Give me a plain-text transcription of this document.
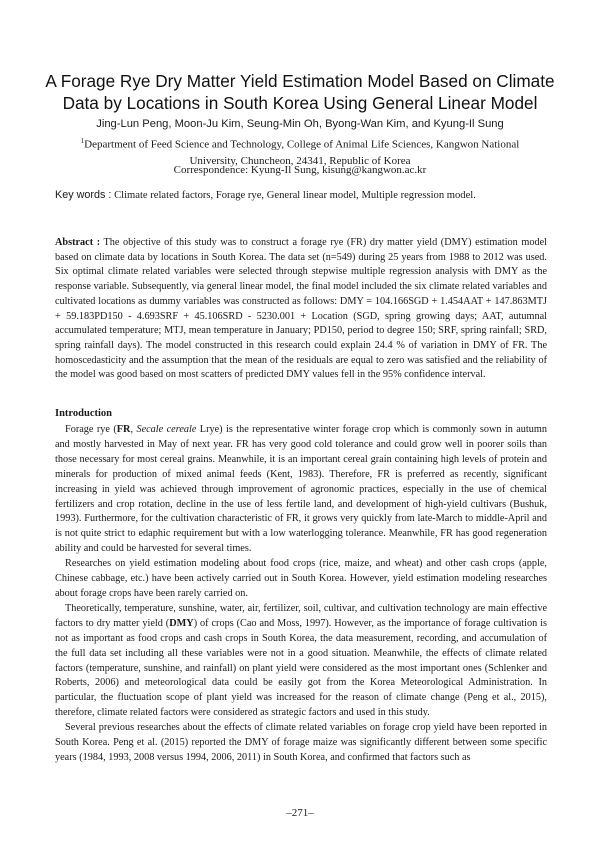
A Forage Rye Dry Matter Yield Estimation Model Based on Climate
Data by Locations in South Korea Using General Linear Model
Jing-Lun Peng, Moon-Ju Kim, Seung-Min Oh, Byong-Wan Kim, and Kyung-Il Sung
$^1$Department of Feed Science and Technology, College of Animal Life Sciences, Kangwon National
University, Chuncheon, 24341, Republic of Korea
Correspondence: Kyung-Il Sung, kisung@kangwon.ac.kr
Key words : Climate related factors, Forage rye, General linear model, Multiple regression model.
Abstract : The objective of this study was to construct a forage rye (FR) dry matter yield (DMY) estimation model based on climate data by locations in South Korea. The data set (n=549) during 25 years from 1988 to 2012 was used. Six optimal climate related variables were selected through stepwise multiple regression analysis with DMY as the response variable. Subsequently, via general linear model, the final model included the six climate related variables and cultivated locations as dummy variables was constructed as follows: DMY = 104.166SGD + 1.454AAT + 147.863MTJ + 59.183PD150 - 4.693SRF + 45.106SRD - 5230.001 + Location (SGD, spring growing days; AAT, autumnal accumulated temperature; MTJ, mean temperature in January; PD150, period to degree 150; SRF, spring rainfall; SRD, spring rainfall days). The model constructed in this research could explain 24.4 % of variation in DMY of FR. The homoscedasticity and the assumption that the mean of the residuals are equal to zero was satisfied and the reliability of the model was good based on most scatters of predicted DMY values fell in the 95% confidence interval.
Introduction

Forage rye (FR, Secale cereale Lrye) is the representative winter forage crop which is commonly sown in autumn and mostly harvested in May of next year. FR has very good cold tolerance and could grow well in poorer soils than those necessary for most cereal grains. Meanwhile, it is an important cereal grain containing high levels of protein and minerals for production of mixed animal feeds (Kent, 1983). Therefore, FR is preferred as recently, significant increasing in yield was achieved through improvement of agronomic practices, especially in the use of chemical fertilizers and crop rotation, decline in the use of less fertile land, and development of high-yield cultivars (Bushuk, 1993). Furthermore, for the cultivation characteristic of FR, it grows very quickly from late-March to middle-April and is not quite strict to edaphic requirement but with a low waterlogging tolerance. Meanwhile, FR has good regeneration ability and could be harvested for several times.

Researches on yield estimation modeling about food crops (rice, maize, and wheat) and other cash crops (apple, Chinese cabbage, etc.) have been actively carried out in South Korea. However, yield estimation modeling researches about forage crops have been rarely carried on.

Theoretically, temperature, sunshine, water, air, fertilizer, soil, cultivar, and cultivation technology are main effective factors to dry matter yield (DMY) of crops (Cao and Moss, 1997). However, as the importance of forage cultivation is not as important as food crops and cash crops in South Korea, the data measurement, recording, and accumulation of the full data set including all these variables were not in a good situation. Meanwhile, the effects of climate related factors (temperature, sunshine, and rainfall) on plant yield were considered as the most important ones (Schlenker and Roberts, 2006) and meteorological data could be easily got from the Korea Meteorological Administration. In particular, the fluctuation scope of plant yield was increased for the reason of climate change (Peng et al., 2015), therefore, climate related factors were considered as strategic factors and used in this study.

Several previous researches about the effects of climate related variables on forage crop yield have been reported in South Korea. Peng et al. (2015) reported the DMY of forage maize was significantly different between some specific years (1984, 1993, 2008 versus 1994, 2006, 2011) in South Korea, and confirmed that factors such as

–271–
